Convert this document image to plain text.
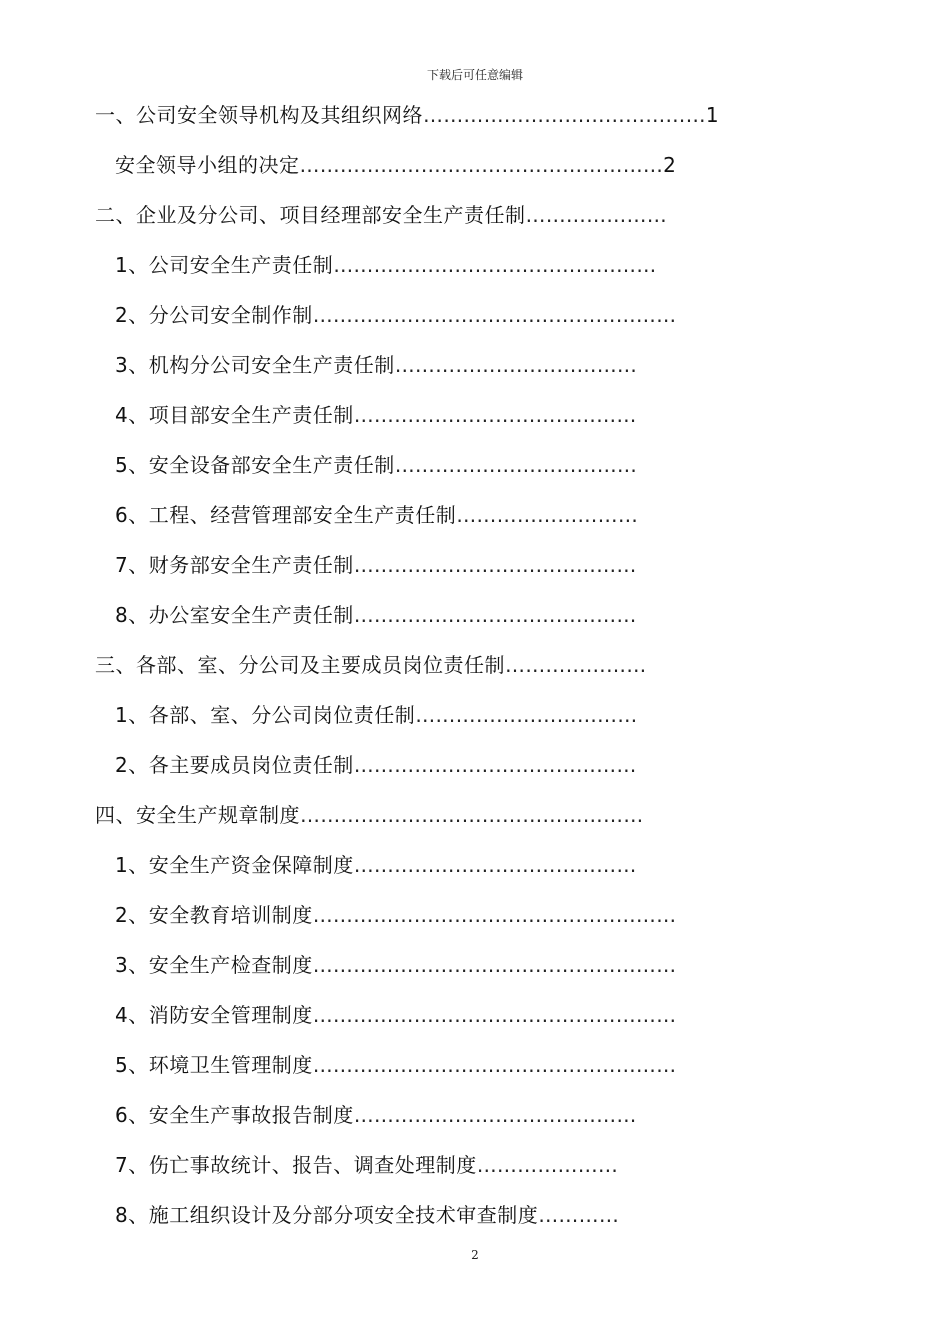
下载后可任意编辑
一、公司安全领导机构及其组织网络……………………………………1
安全领导小组的决定………………………………………………2
二、企业及分公司、项目经理部安全生产责任制…………………
1、公司安全生产责任制…………………………………………
2、分公司安全制作制………………………………………………
3、机构分公司安全生产责任制………………………………
4、项目部安全生产责任制……………………………………
5、安全设备部安全生产责任制………………………………
6、工程、经营管理部安全生产责任制………………………
7、财务部安全生产责任制……………………………………
8、办公室安全生产责任制……………………………………
三、各部、室、分公司及主要成员岗位责任制…………………
1、各部、室、分公司岗位责任制……………………………
2、各主要成员岗位责任制……………………………………
四、安全生产规章制度……………………………………………
1、安全生产资金保障制度……………………………………
2、安全教育培训制度………………………………………………
3、安全生产检查制度………………………………………………
4、消防安全管理制度………………………………………………
5、环境卫生管理制度………………………………………………
6、安全生产事故报告制度……………………………………
7、伤亡事故统计、报告、调查处理制度…………………
8、施工组织设计及分部分项安全技术审查制度…………
2
